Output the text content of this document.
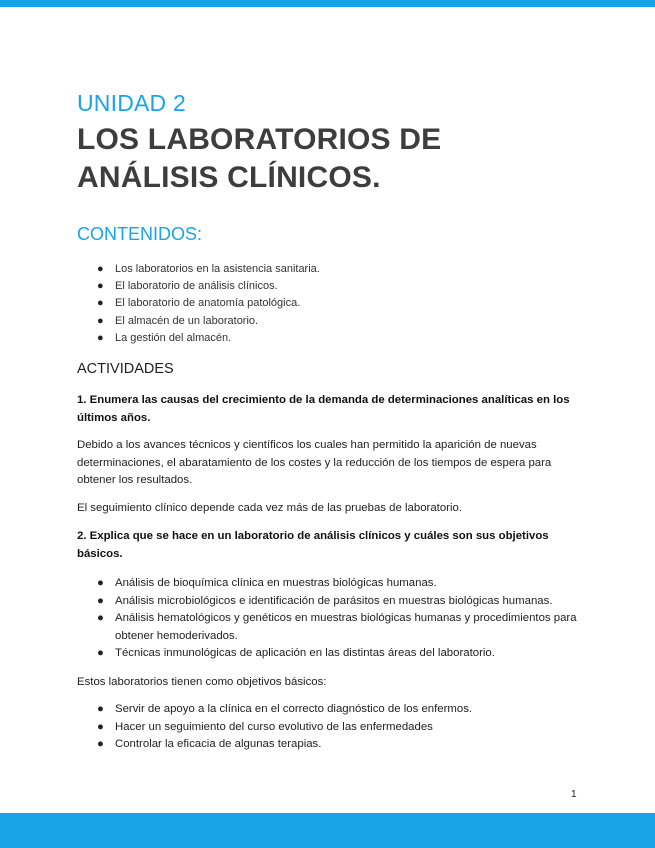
UNIDAD 2
LOS LABORATORIOS DE
ANÁLISIS CLÍNICOS.
CONTENIDOS:
● Los laboratorios en la asistencia sanitaria.
● El laboratorio de análisis clínicos.
● El laboratorio de anatomía patológica.
● El almacén de un laboratorio.
● La gestión del almacén.
ACTIVIDADES
1. Enumera las causas del crecimiento de la demanda de determinaciones analíticas en los últimos años.
Debido a los avances técnicos y científicos los cuales han permitido la aparición de nuevas determinaciones, el abaratamiento de los costes y la reducción de los tiempos de espera para obtener los resultados.
El seguimiento clínico depende cada vez más de las pruebas de laboratorio.
2. Explica que se hace en un laboratorio de análisis clínicos y cuáles son sus objetivos básicos.
● Análisis de bioquímica clínica en muestras biológicas humanas.
● Análisis microbiológicos e identificación de parásitos en muestras biológicas humanas.
● Análisis hematológicos y genéticos en muestras biológicas humanas y procedimientos para obtener hemoderivados.
● Técnicas inmunológicas de aplicación en las distintas áreas del laboratorio.
Estos laboratorios tienen como objetivos básicos:
● Servir de apoyo a la clínica en el correcto diagnóstico de los enfermos.
● Hacer un seguimiento del curso evolutivo de las enfermedades
● Controlar la eficacia de algunas terapias.
1
